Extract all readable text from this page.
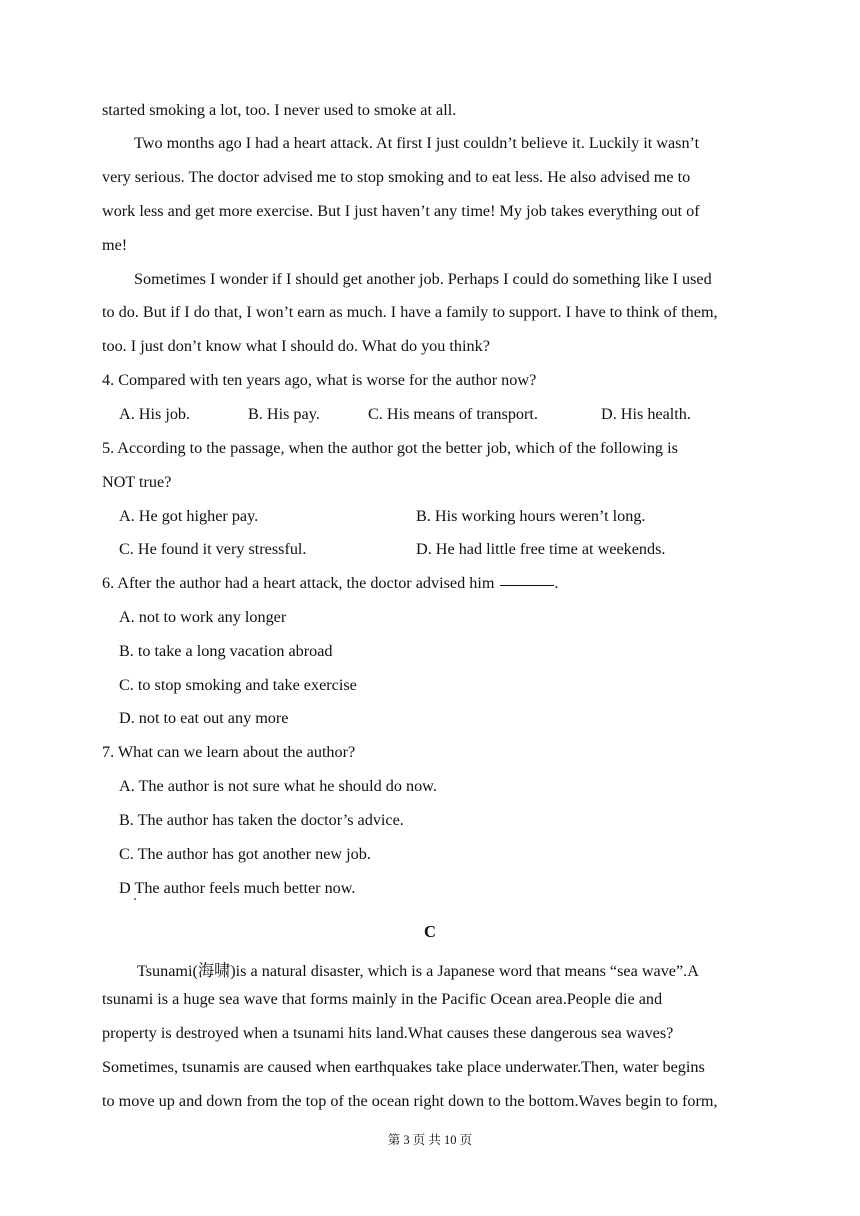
started smoking a lot, too. I never used to smoke at all.
Two months ago I had a heart attack. At first I just couldn’t believe it. Luckily it wasn’t
very serious. The doctor advised me to stop smoking and to eat less. He also advised me to
work less and get more exercise. But I just haven’t any time! My job takes everything out of
me!
Sometimes I wonder if I should get another job. Perhaps I could do something like I used
to do. But if I do that, I won’t earn as much. I have a family to support. I have to think of them,
too. I just don’t know what I should do. What do you think?
4. Compared with ten years ago, what is worse for the author now?
A. His job.	B. His pay.	C. His means of transport.	D. His health.
5. According to the passage, when the author got the better job, which of the following is
NOT true?
A. He got higher pay.	B. His working hours weren’t long.
C. He found it very stressful.	D. He had little free time at weekends.
6. After the author had a heart attack, the doctor advised him	.
A. not to work any longer
B. to take a long vacation abroad
C. to stop smoking and take exercise
D. not to eat out any more
7. What can we learn about the author?
A. The author is not sure what he should do now.
B. The author has taken the doctor’s advice.
C. The author has got another new job.
D The author feels much better now.
C
Tsunami(海啸)is a natural disaster, which is a Japanese word that means “sea wave”.A
tsunami is a huge sea wave that forms mainly in the Pacific Ocean area.People die and
property is destroyed when a tsunami hits land.What causes these dangerous sea waves?
Sometimes, tsunamis are caused when earthquakes take place underwater.Then, water begins
to move up and down from the top of the ocean right down to the bottom.Waves begin to form,
第 3 页 共 10 页
